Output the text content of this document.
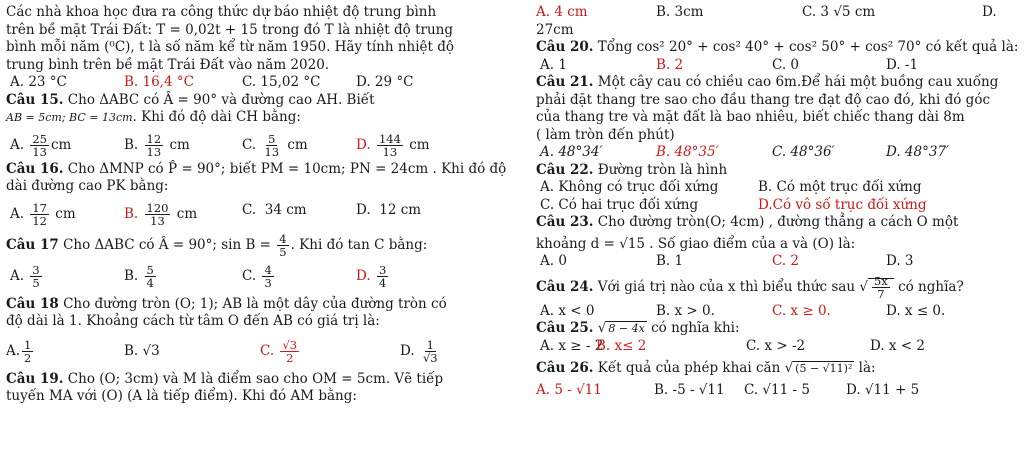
Các nhà khoa học đưa ra công thức dự báo nhiệt độ trung bình
trên bề mặt Trái Đất: T = 0,02t + 15 trong đó T là nhiệt độ trung
bình mỗi năm (⁰C), t là số năm kể từ năm 1950. Hãy tính nhiệt độ
trung bình trên bề mặt Trái Đất vào năm 2020.
A. 23 °C	B. 16,4 °C	C. 15,02 °C	D. 29 °C
Câu 15. Cho ΔABC có Â = 90° và đường cao AH. Biết
AB = 5cm; BC = 13cm. Khi đó độ dài CH bằng:
A. $\frac{25}{13}$ cm	B. $\frac{12}{13}$ cm	C. $\frac{5}{13}$ cm	D. $\frac{144}{13}$ cm
Câu 16. Cho ΔMNP có P̂ = 90°; biết PM = 10cm; PN = 24cm . Khi đó độ
dài đường cao PK bằng:
A. $\frac{17}{12}$ cm	B. $\frac{120}{13}$ cm	C. 34 cm	D. 12 cm
Câu 17 Cho ΔABC có Â = 90°; $\sin B = \frac{4}{5}$ . Khi đó tan C bằng:
A. $\frac{3}{5}$	B. $\frac{5}{4}$	C. $\frac{4}{3}$	D. $\frac{3}{4}$
Câu 18 Cho đường tròn (O; 1); AB là một dây của đường tròn có
độ dài là 1. Khoảng cách từ tâm O đến AB có giá trị là:
A. $\frac{1}{2}$	B. √3	C. $\frac{√3}{2}$	D. $\frac{1}{√3}$
Câu 19. Cho (O; 3cm) và M là điểm sao cho OM = 5cm. Vẽ tiếp
tuyến MA với (O) (A là tiếp điểm). Khi đó AM bằng:
A. 4 cm	B. 3cm	C. 3 √5 cm	D.
27cm
Câu 20. Tổng cos² 20° + cos² 40° + cos² 50° + cos² 70° có kết quả là:
A. 1	B. 2	C. 0	D. -1
Câu 21. Một cây cau có chiều cao 6m.Để hái một buồng cau xuống
phải đặt thang tre sao cho đầu thang tre đạt độ cao đó, khi đó góc
của thang tre và mặt đất là bao nhiêu, biết chiếc thang dài 8m
( làm tròn đến phút)
A. 48°34′	B. 48°35′	C. 48°36′	D. 48°37′
Câu 22. Đường tròn là hình
A. Không có trục đối xứng	B. Có một trục đối xứng
C. Có hai trục đối xứng	D.Có vô số trục đối xứng
Câu 23. Cho đường tròn(O; 4cm) , đường thẳng a cách O một
khoảng d = √15 . Số giao điểm của a và (O) là:
A. 0	B. 1	C. 2	D. 3
Câu 24. Với giá trị nào của x thì biểu thức sau √ $\frac{5x}{7}$ có nghĩa?
A. x < 0	B. x > 0.	C. x ≥ 0.	D. x ≤ 0.
Câu 25. √ 8 − 4x có nghĩa khi:
A. x ≥ - 2
B. x≤ 2	C. x > -2	D. x < 2
Câu 26. Kết quả của phép khai căn √ (5 − √11)² là:
A. 5 - √11	B. -5 - √11 C. √11 - 5	D. √11 + 5
